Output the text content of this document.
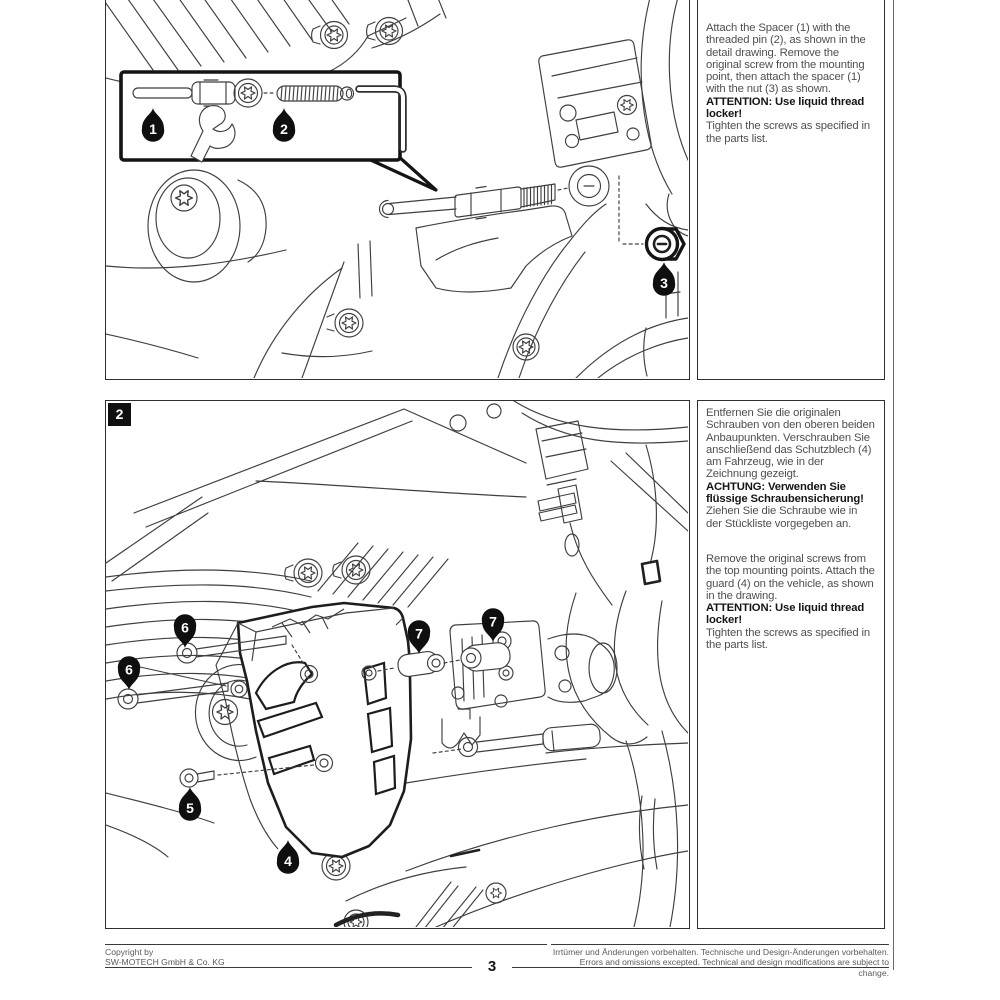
3
1	2

Attach the Spacer (1) with the threaded pin (2), as shown in the detail drawing. Remove the original screw from the mounting point, then attach the spacer (1) with the nut (3) as shown.

ATTENTION: Use liquid thread locker!

Tighten the screws as specified in the parts list.

4
5
6
6
7
7
2	Entfernen Sie die originalen Schrauben von den oberen beiden Anbaupunkten. Verschrauben Sie anschließend das Schutzblech (4) am Fahrzeug, wie in der Zeichnung gezeigt.

ACHTUNG: Verwenden Sie flüssige Schraubensicherung!

Ziehen Sie die Schraube wie in der Stückliste vorgegeben an.

Remove the original screws from the top mounting points. Attach the guard (4) on the vehicle, as shown in the drawing.

ATTENTION: Use liquid thread locker!

Tighten the screws as specified in the parts list.

Copyright by
SW-MOTECH GmbH & Co. KG
Irrtümer und Änderungen vorbehalten. Technische und Design-Änderungen vorbehalten.
Errors and omissions excepted. Technical and design modifications are subject to change.
3
